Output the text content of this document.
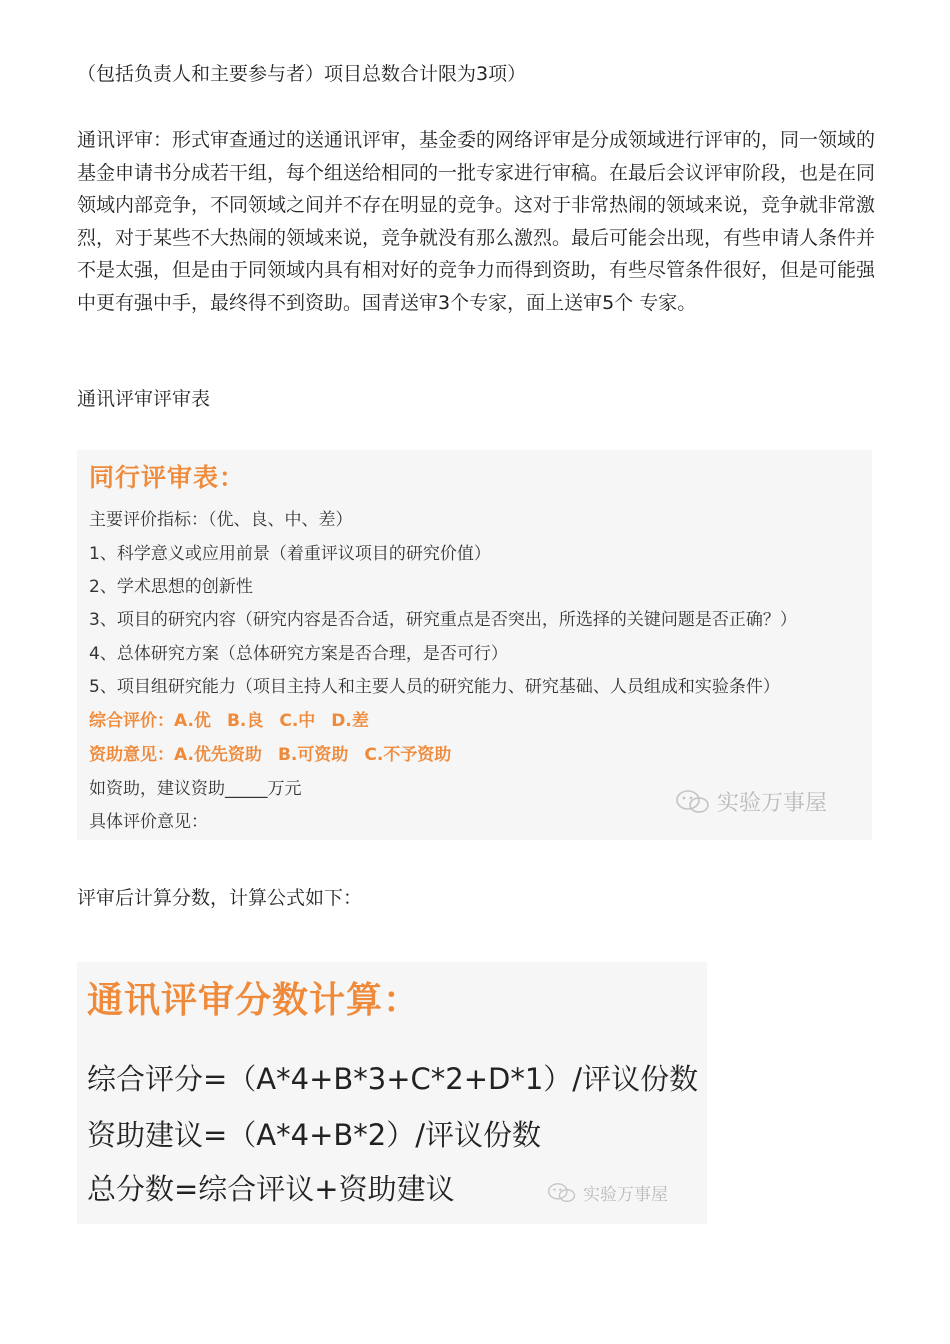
（包括负责人和主要参与者）项目总数合计限为3项）

通讯评审：形式审查通过的送通讯评审，基金委的网络评审是分成领域进行评审的，同一领域的基金申请书分成若干组，每个组送给相同的一批专家进行审稿。在最后会议评审阶段，也是在同领域内部竞争，不同领域之间并不存在明显的竞争。这对于非常热闹的领域来说，竞争就非常激烈，对于某些不大热闹的领域来说，竞争就没有那么激烈。最后可能会出现，有些申请人条件并不是太强，但是由于同领域内具有相对好的竞争力而得到资助，有些尽管条件很好，但是可能强中更有强中手，最终得不到资助。国青送审3个专家，面上送审5个 专家。

通讯评审评审表

同行评审表：
主要评价指标：（优、良、中、差）
1、科学意义或应用前景（着重评议项目的研究价值）
2、学术思想的创新性
3、项目的研究内容（研究内容是否合适，研究重点是否突出，所选择的关键问题是否正确？）
4、总体研究方案（总体研究方案是否合理，是否可行）
5、项目组研究能力（项目主持人和主要人员的研究能力、研究基础、人员组成和实验条件）
综合评价：A.优 B.良 C.中 D.差
资助意见：A.优先资助 B.可资助 C.不予资助
如资助，建议资助_____万元
具体评价意见：
实验万事屋

评审后计算分数，计算公式如下：

通讯评审分数计算：
综合评分=（A*4+B*3+C*2+D*1）/评议份数
资助建议=（A*4+B*2）/评议份数
总分数=综合评议+资助建议	实验万事屋
